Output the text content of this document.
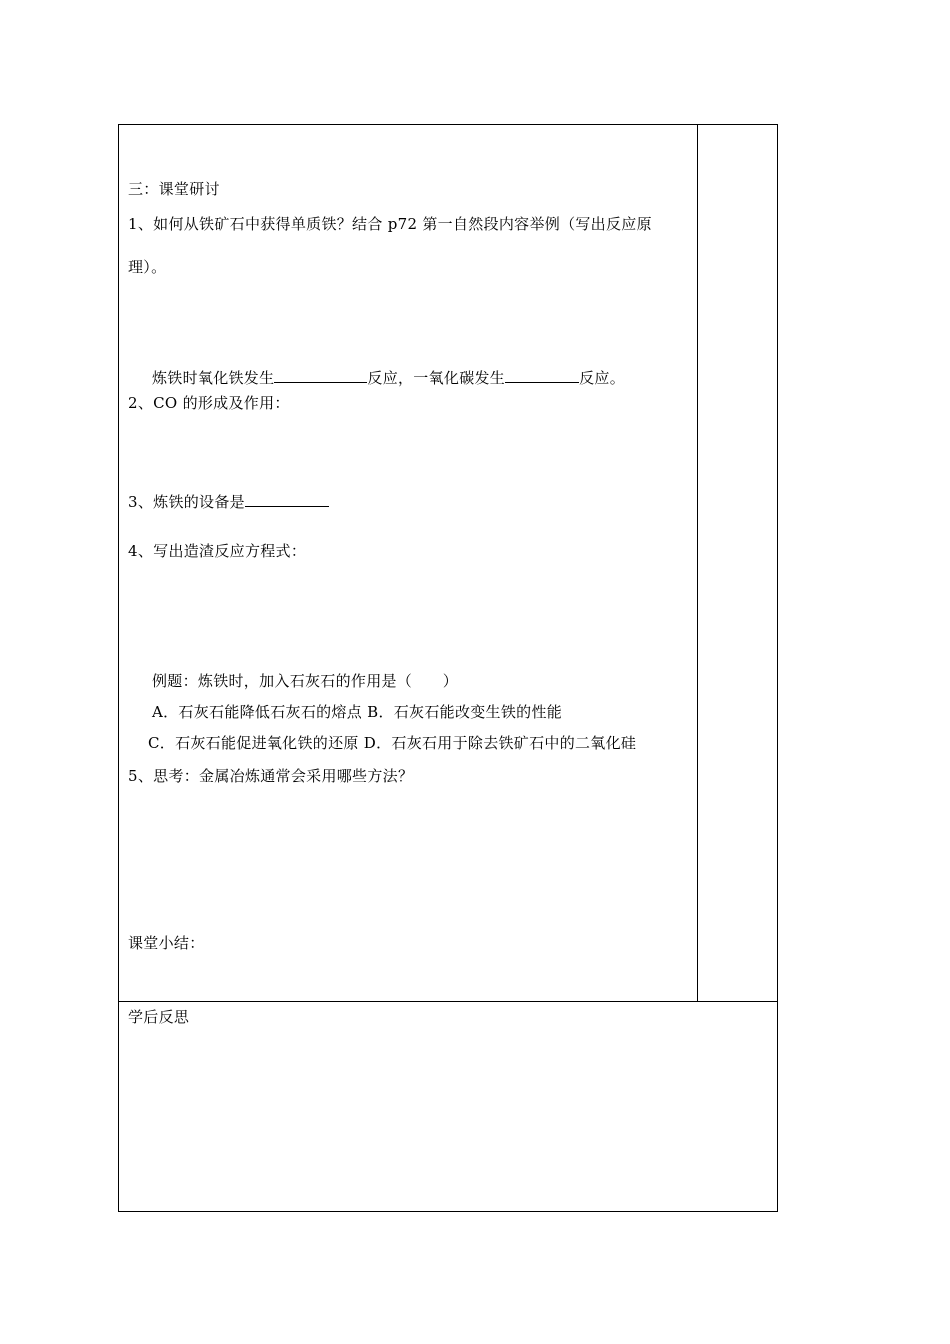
三：课堂研讨
1、如何从铁矿石中获得单质铁？结合 p72 第一自然段内容举例（写出反应原
理）。
炼铁时氧化铁发生	反应，一氧化碳发生	反应。
2、CO 的形成及作用：
3、炼铁的设备是
4、写出造渣反应方程式：
例题：炼铁时，加入石灰石的作用是（　　）
A．石灰石能降低石灰石的熔点 B．石灰石能改变生铁的性能
C．石灰石能促进氧化铁的还原 D．石灰石用于除去铁矿石中的二氧化硅
5、思考：金属冶炼通常会采用哪些方法？
课堂小结：
学后反思
